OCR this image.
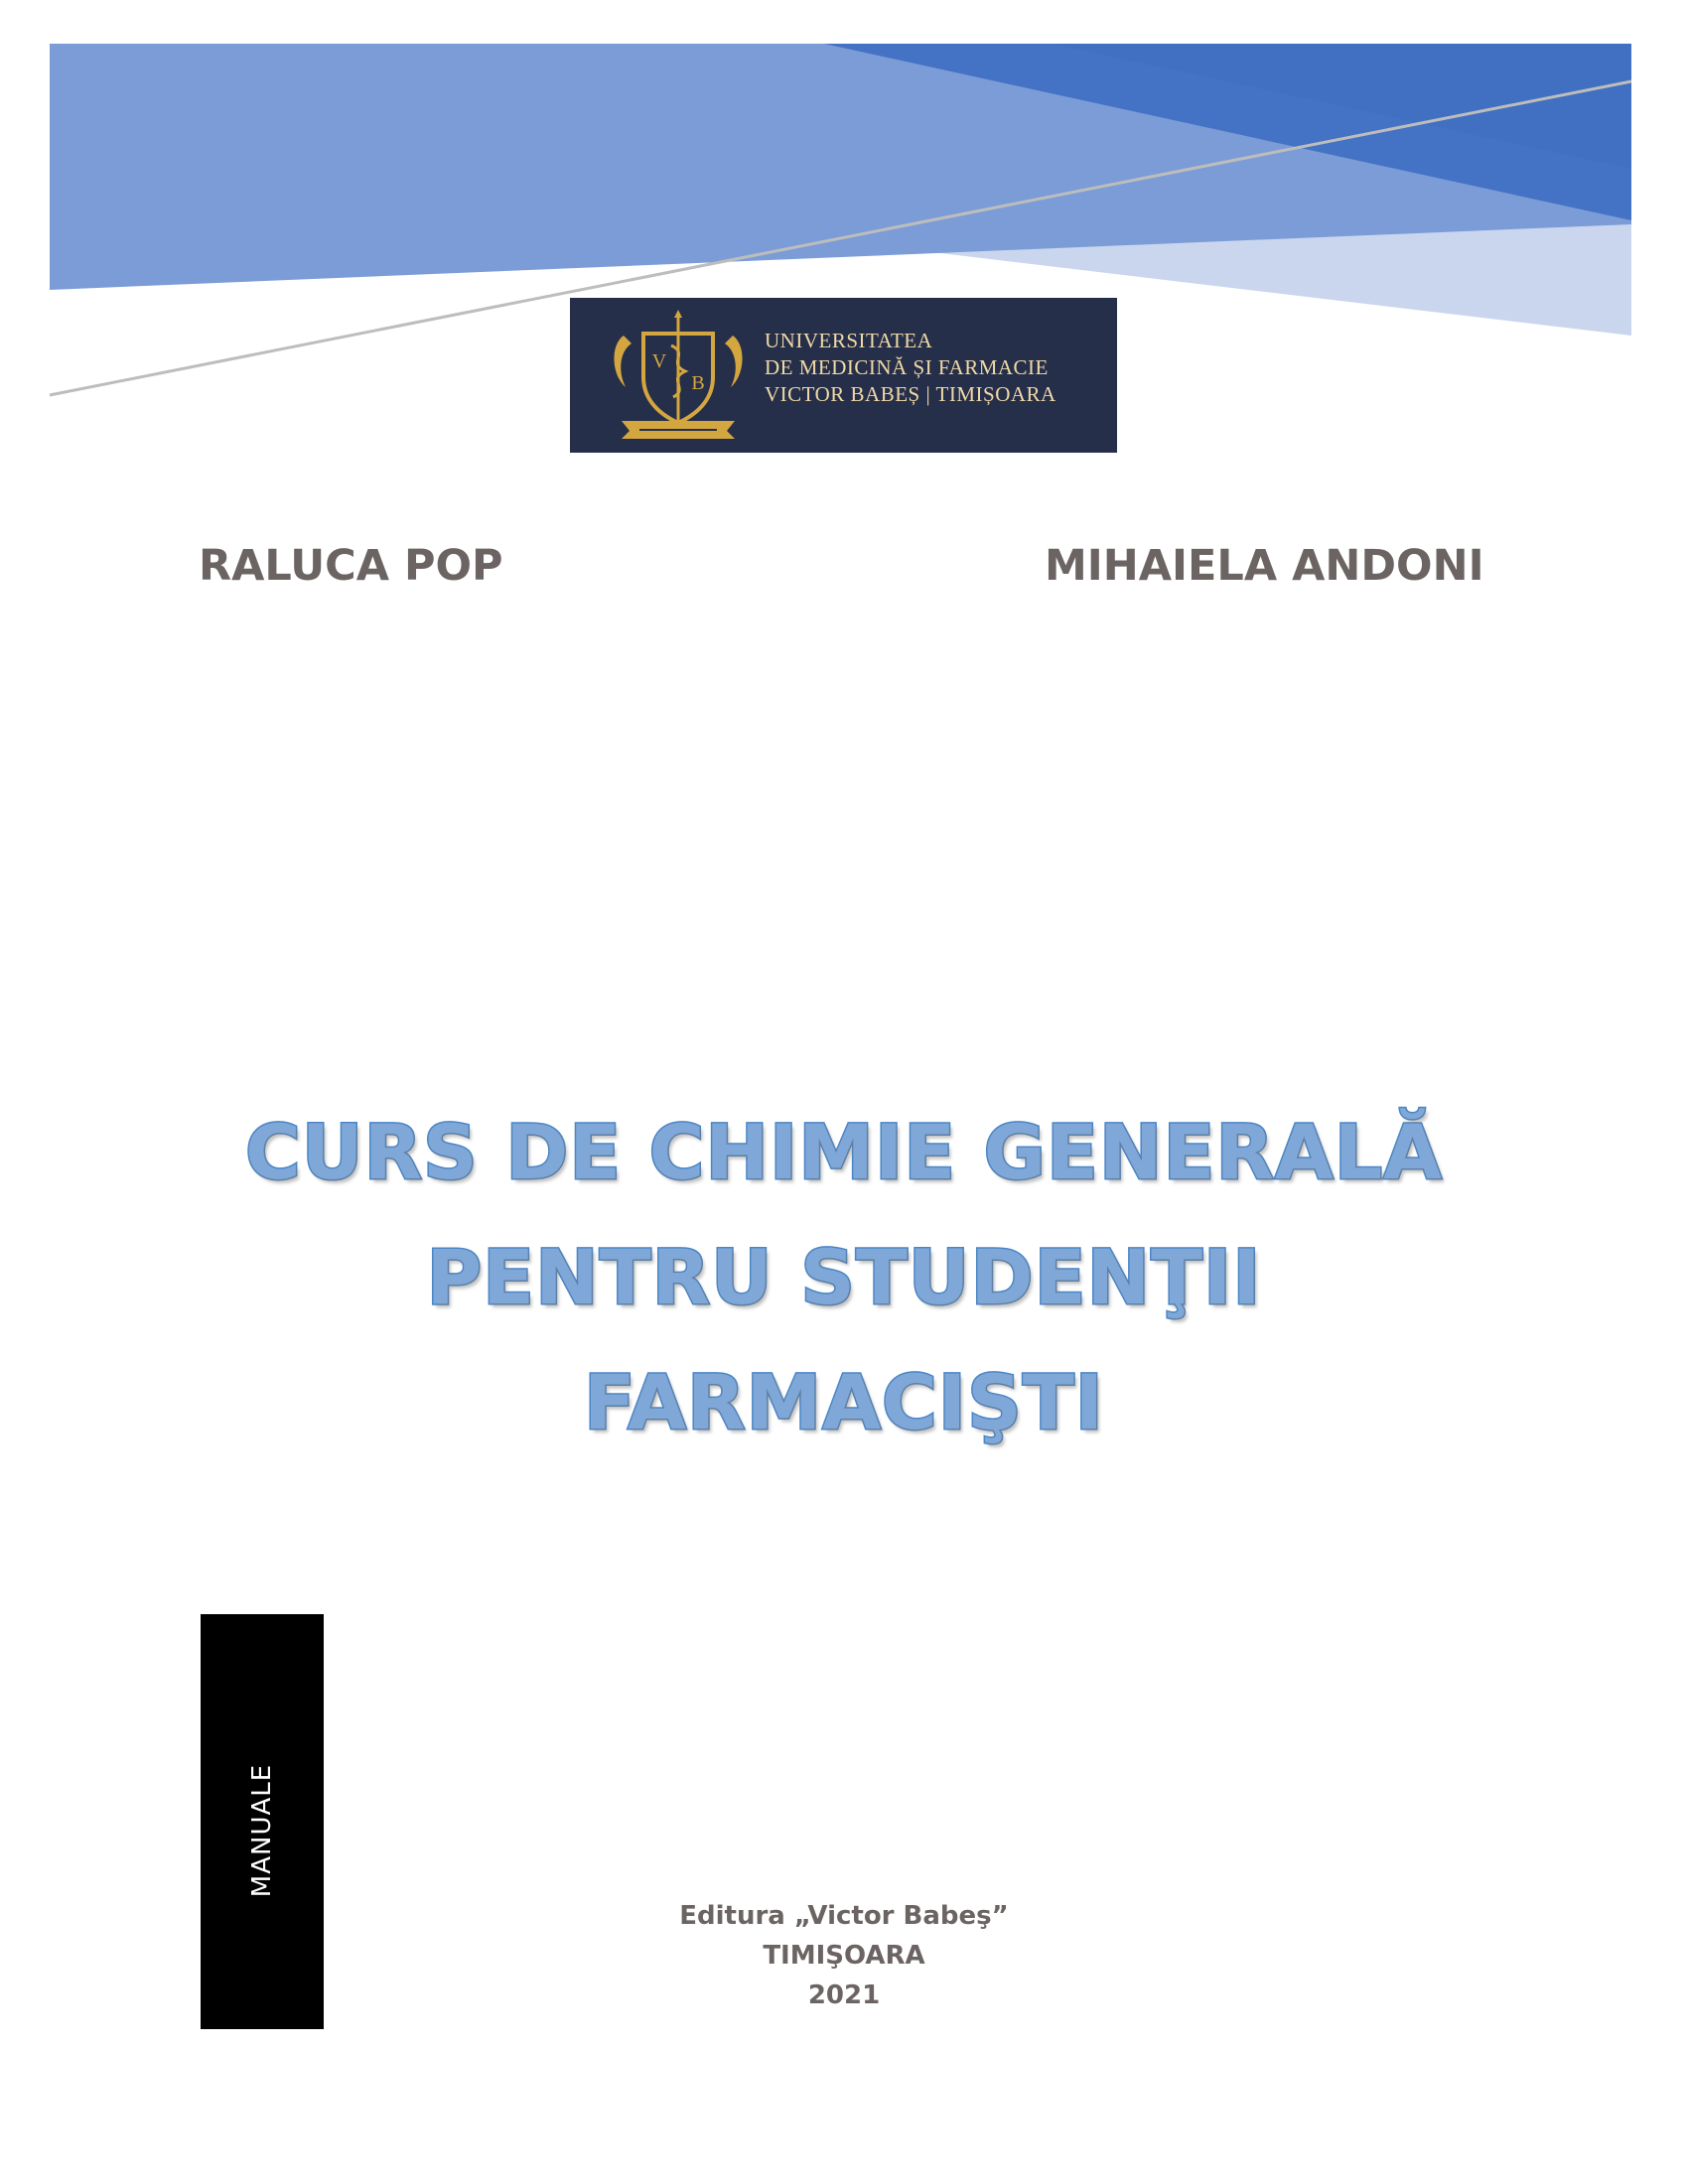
V
B
UNIVERSITATEA
DE MEDICINĂ ȘI FARMACIE
VICTOR BABEȘ | TIMIȘOARA
RALUCA POP	MIHAIELA ANDONI
CURS DE CHIMIE GENERALĂ
PENTRU STUDENŢII
FARMACIŞTI
MANUALE
Editura „Victor Babeş”
TIMIŞOARA
2021
